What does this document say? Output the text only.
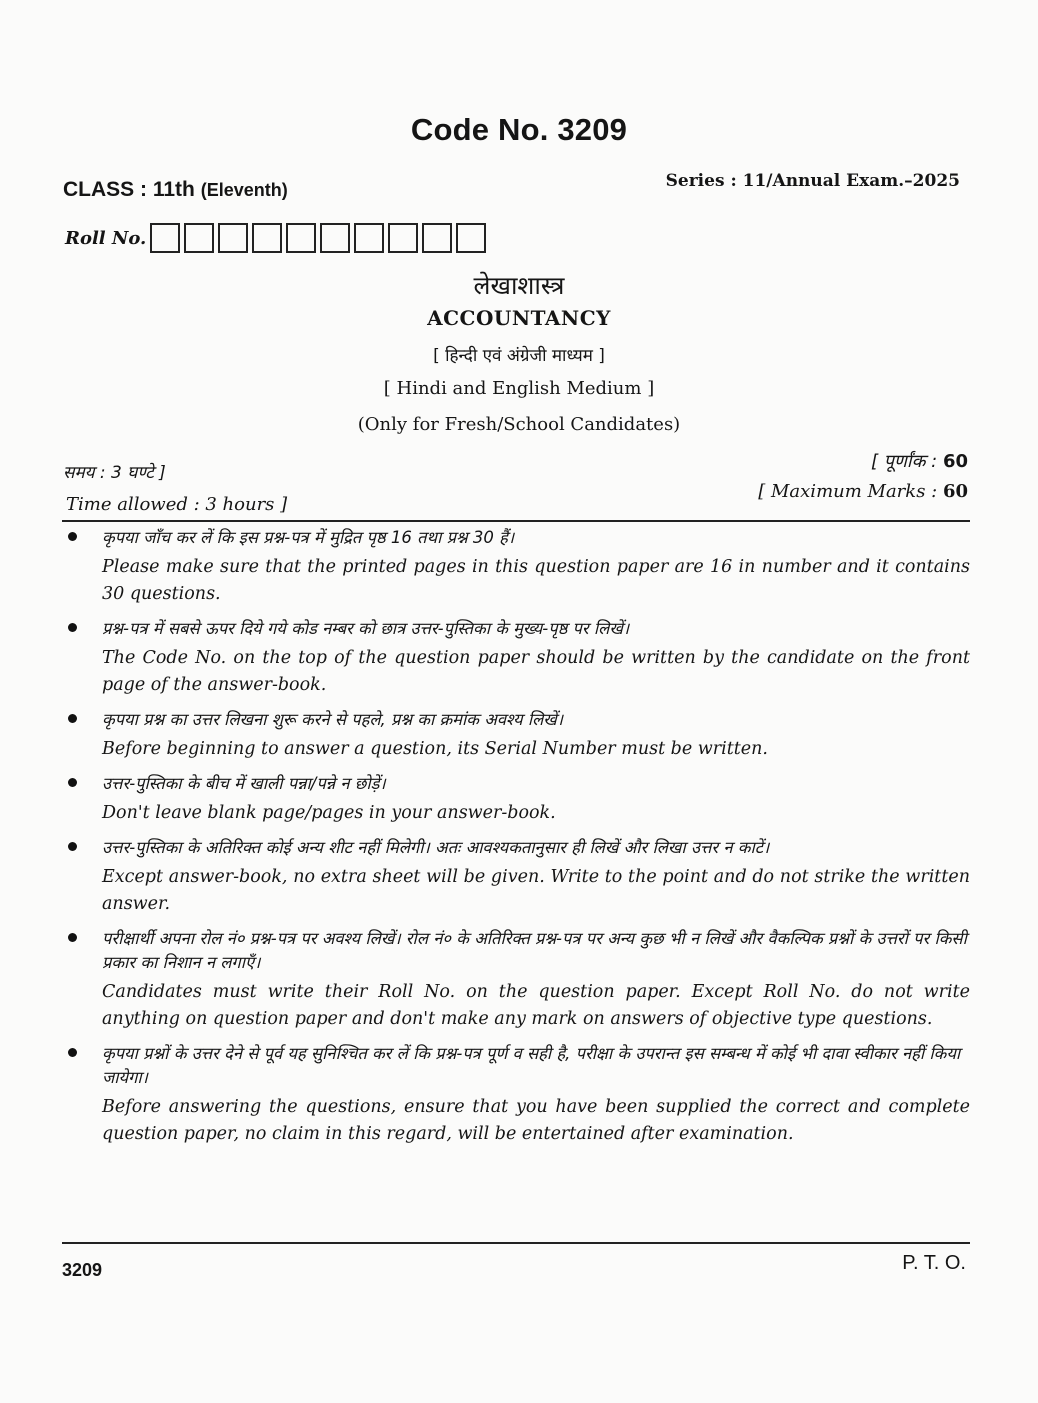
Code No. 3209
CLASS : 11th (Eleventh)	Series : 11/Annual Exam.–2025
Roll No.
लेखाशास्त्र
ACCOUNTANCY
[ हिन्दी एवं अंग्रेजी माध्यम ]
[ Hindi and English Medium ]
(Only for Fresh/School Candidates)
समय : 3 घण्टे ]
Time allowed : 3 hours ]
[ पूर्णांक : 60
[ Maximum Marks : 60
कृपया जाँच कर लें कि इस प्रश्न-पत्र में मुद्रित पृष्ठ 16 तथा प्रश्न 30 हैं।
Please make sure that the printed pages in this question paper are 16 in number and it contains 30 questions.
प्रश्न-पत्र में सबसे ऊपर दिये गये कोड नम्बर को छात्र उत्तर-पुस्तिका के मुख्य-पृष्ठ पर लिखें।
The Code No. on the top of the question paper should be written by the candidate on the front page of the answer-book.
कृपया प्रश्न का उत्तर लिखना शुरू करने से पहले, प्रश्न का क्रमांक अवश्य लिखें।
Before beginning to answer a question, its Serial Number must be written.
उत्तर-पुस्तिका के बीच में खाली पन्ना/पन्ने न छोड़ें।
Don't leave blank page/pages in your answer-book.
उत्तर-पुस्तिका के अतिरिक्त कोई अन्य शीट नहीं मिलेगी। अतः आवश्यकतानुसार ही लिखें और लिखा उत्तर न काटें।
Except answer-book, no extra sheet will be given. Write to the point and do not strike the written answer.
परीक्षार्थी अपना रोल नं० प्रश्न-पत्र पर अवश्य लिखें। रोल नं० के अतिरिक्त प्रश्न-पत्र पर अन्य कुछ भी न लिखें और वैकल्पिक प्रश्नों के उत्तरों पर किसी प्रकार का निशान न लगाएँ।
Candidates must write their Roll No. on the question paper. Except Roll No. do not write anything on question paper and don't make any mark on answers of objective type questions.
कृपया प्रश्नों के उत्तर देने से पूर्व यह सुनिश्चित कर लें कि प्रश्न-पत्र पूर्ण व सही है, परीक्षा के उपरान्त इस सम्बन्ध में कोई भी दावा स्वीकार नहीं किया जायेगा।
Before answering the questions, ensure that you have been supplied the correct and complete question paper, no claim in this regard, will be entertained after examination.
3209	P. T. O.
